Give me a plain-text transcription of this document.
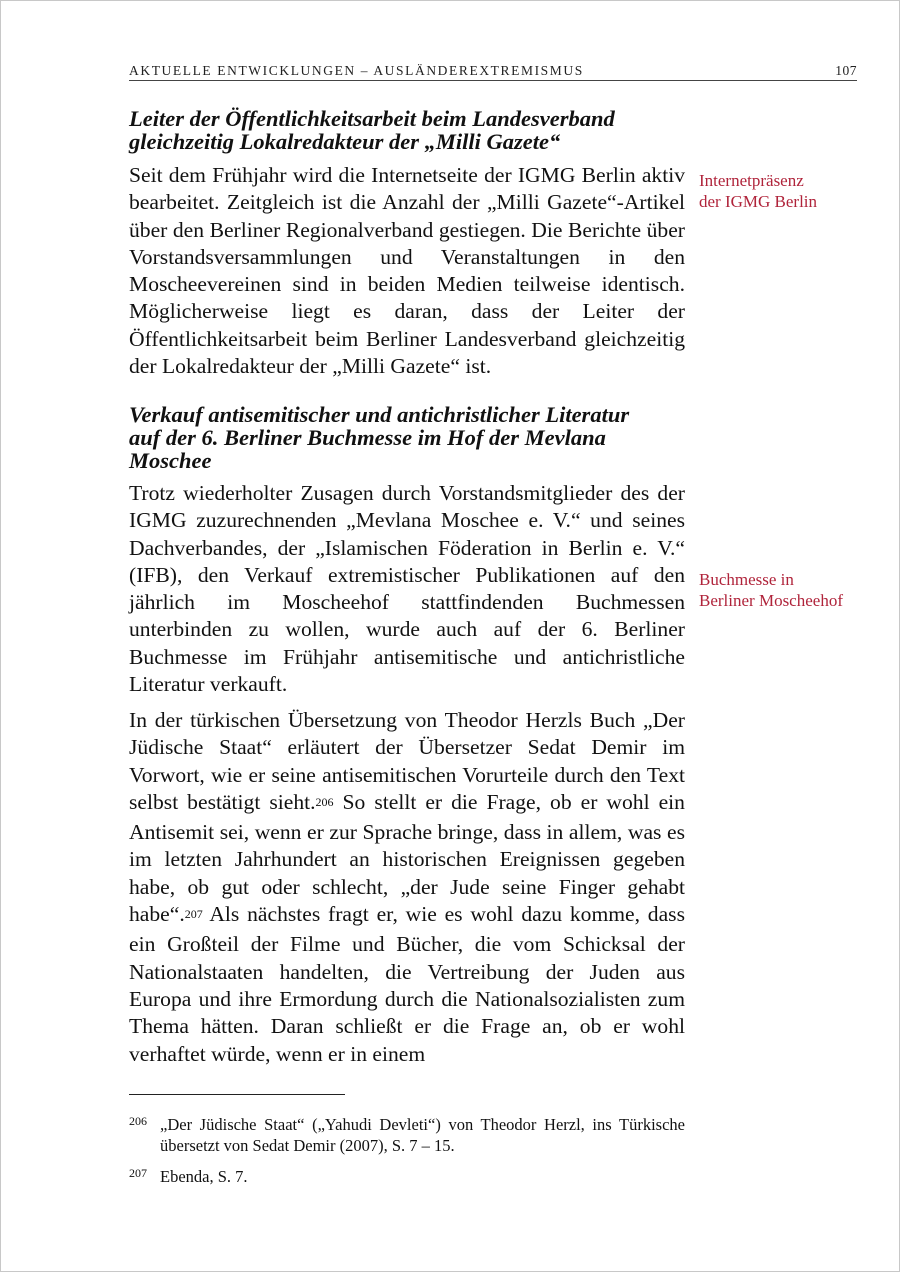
AKTUELLE ENTWICKLUNGEN – AUSLÄNDEREXTREMISMUS	107
Leiter der Öffentlichkeitsarbeit beim Landesverband
gleichzeitig Lokalredakteur der „Milli Gazete“

Seit dem Frühjahr wird die Internetseite der IGMG Berlin aktiv bearbeitet. Zeitgleich ist die Anzahl der „Milli Gazete“-Artikel über den Berliner Regionalverband gestiegen. Die Berichte über Vorstandsversammlungen und Veranstaltungen in den Moscheevereinen sind in beiden Medien teilweise identisch. Möglicherweise liegt es daran, dass der Leiter der Öffentlichkeitsarbeit beim Berliner Landesverband gleichzeitig der Lokalredakteur der „Milli Gazete“ ist.

Internetpräsenz
der IGMG Berlin
Verkauf antisemitischer und antichristlicher Literatur
auf der 6. Berliner Buchmesse im Hof der Mevlana
Moschee

Trotz wiederholter Zusagen durch Vorstandsmitglieder des der IGMG zuzurechnenden „Mevlana Moschee e. V.“ und seines Dachverbandes, der „Islamischen Föderation in Berlin e. V.“ (IFB), den Verkauf extremistischer Publikationen auf den jährlich im Moscheehof stattfindenden Buchmessen unterbinden zu wollen, wurde auch auf der 6. Berliner Buchmesse im Frühjahr antisemitische und antichristliche Literatur verkauft.

Buchmesse in
Berliner Moscheehof

In der türkischen Übersetzung von Theodor Herzls Buch „Der Jüdische Staat“ erläutert der Übersetzer Sedat Demir im Vorwort, wie er seine antisemitischen Vorurteile durch den Text selbst bestätigt sieht.$^{206}$ So stellt er die Frage, ob er wohl ein Antisemit sei, wenn er zur Sprache bringe, dass in allem, was es im letzten Jahrhundert an historischen Ereignissen gegeben habe, ob gut oder schlecht, „der Jude seine Finger gehabt habe“.$^{207}$ Als nächstes fragt er, wie es wohl dazu komme, dass ein Großteil der Filme und Bücher, die vom Schicksal der Nationalstaaten handelten, die Vertreibung der Juden aus Europa und ihre Ermordung durch die Nationalsozialisten zum Thema hätten. Daran schließt er die Frage an, ob er wohl verhaftet würde, wenn er in einem

206 „Der Jüdische Staat“ („Yahudi Devleti“) von Theodor Herzl, ins Türkische übersetzt von Sedat Demir (2007), S. 7 – 15.
207 Ebenda, S. 7.
